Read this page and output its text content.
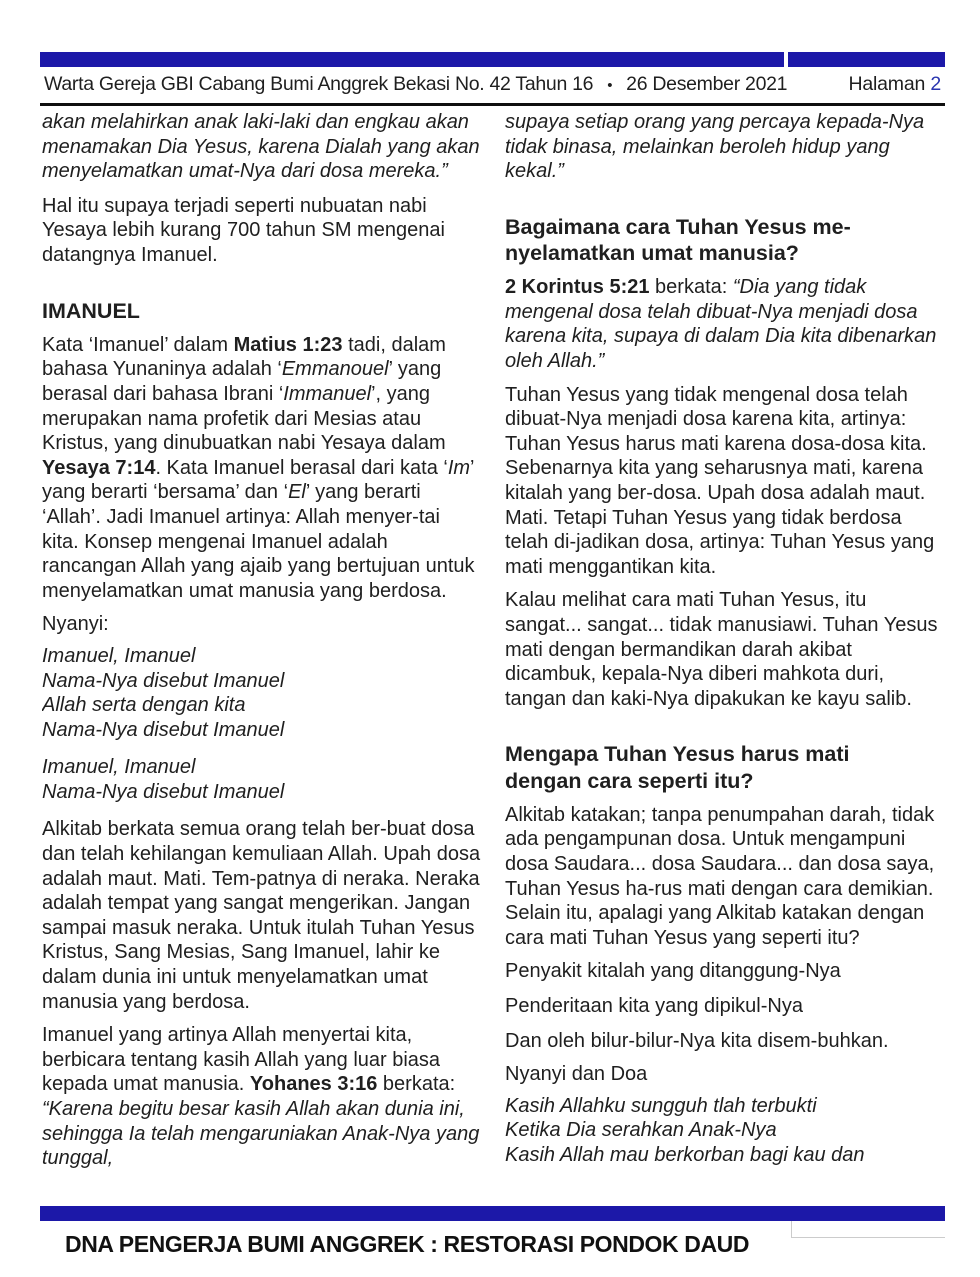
Warta Gereja GBI Cabang Bumi Anggrek Bekasi No. 42 Tahun 16 • 26 Desember 2021	Halaman 2

akan melahirkan anak laki-laki dan engkau akan menamakan Dia Yesus, karena Dialah yang akan menyelamatkan umat-Nya dari dosa mereka.”

Hal itu supaya terjadi seperti nubuatan nabi Yesaya lebih kurang 700 tahun SM mengenai datangnya Imanuel.

IMANUEL

Kata ‘Imanuel’ dalam Matius 1:23 tadi, dalam bahasa Yunaninya adalah ‘Emmanouel’ yang berasal dari bahasa Ibrani ‘Immanuel’, yang merupakan nama profetik dari Mesias atau Kristus, yang dinubuatkan nabi Yesaya dalam Yesaya 7:14. Kata Imanuel berasal dari kata ‘Im’ yang berarti ‘bersama’ dan ‘El’ yang berarti ‘Allah’. Jadi Imanuel artinya: Allah menyer-tai kita. Konsep mengenai Imanuel adalah rancangan Allah yang ajaib yang bertujuan untuk menyelamatkan umat manusia yang berdosa.

Nyanyi:

Imanuel, Imanuel
Nama-Nya disebut Imanuel
Allah serta dengan kita
Nama-Nya disebut Imanuel

Imanuel, Imanuel
Nama-Nya disebut Imanuel

Alkitab berkata semua orang telah ber-buat dosa dan telah kehilangan kemuliaan Allah. Upah dosa adalah maut. Mati. Tem-patnya di neraka. Neraka adalah tempat yang sangat mengerikan. Jangan sampai masuk neraka. Untuk itulah Tuhan Yesus Kristus, Sang Mesias, Sang Imanuel, lahir ke dalam dunia ini untuk menyelamatkan umat manusia yang berdosa.

Imanuel yang artinya Allah menyertai kita, berbicara tentang kasih Allah yang luar biasa kepada umat manusia. Yohanes 3:16 berkata: “Karena begitu besar kasih Allah akan dunia ini, sehingga Ia telah mengaruniakan Anak-Nya yang tunggal,

supaya setiap orang yang percaya kepada-Nya tidak binasa, melainkan beroleh hidup yang kekal.”

Bagaimana cara Tuhan Yesus me-
nyelamatkan umat manusia?

2 Korintus 5:21 berkata: “Dia yang tidak mengenal dosa telah dibuat-Nya menjadi dosa karena kita, supaya di dalam Dia kita dibenarkan oleh Allah.”

Tuhan Yesus yang tidak mengenal dosa telah dibuat-Nya menjadi dosa karena kita, artinya: Tuhan Yesus harus mati karena dosa-dosa kita. Sebenarnya kita yang seharusnya mati, karena kitalah yang ber-dosa. Upah dosa adalah maut. Mati. Tetapi Tuhan Yesus yang tidak berdosa telah di-jadikan dosa, artinya: Tuhan Yesus yang mati menggantikan kita.

Kalau melihat cara mati Tuhan Yesus, itu sangat... sangat... tidak manusiawi. Tuhan Yesus mati dengan bermandikan darah akibat dicambuk, kepala-Nya diberi mahkota duri, tangan dan kaki-Nya dipakukan ke kayu salib.

Mengapa Tuhan Yesus harus mati
dengan cara seperti itu?

Alkitab katakan; tanpa penumpahan darah, tidak ada pengampunan dosa. Untuk mengampuni dosa Saudara... dosa Saudara... dan dosa saya, Tuhan Yesus ha-rus mati dengan cara demikian. Selain itu, apalagi yang Alkitab katakan dengan cara mati Tuhan Yesus yang seperti itu?

Penyakit kitalah yang ditanggung-Nya

Penderitaan kita yang dipikul-Nya

Dan oleh bilur-bilur-Nya kita disem-buhkan.

Nyanyi dan Doa

Kasih Allahku sungguh tlah terbukti
Ketika Dia serahkan Anak-Nya
Kasih Allah mau berkorban bagi kau dan

DNA PENGERJA BUMI ANGGREK : RESTORASI PONDOK DAUD
